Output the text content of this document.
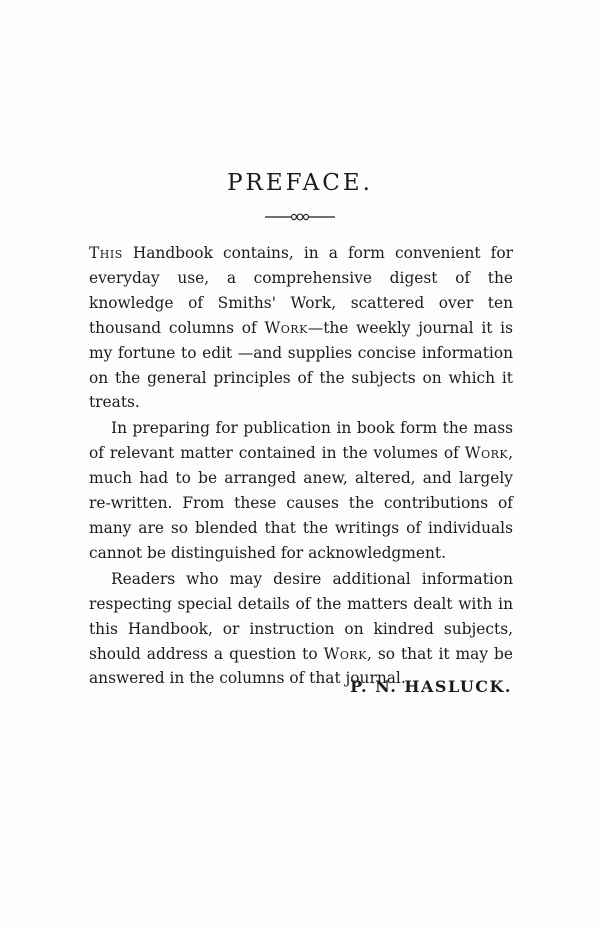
PREFACE.

This Handbook contains, in a form convenient for everyday use, a comprehensive digest of the knowledge of Smiths' Work, scattered over ten thousand columns of Work—the weekly journal it is my fortune to edit —and supplies concise information on the general principles of the subjects on which it treats.

In preparing for publication in book form the mass of relevant matter contained in the volumes of Work, much had to be arranged anew, altered, and largely re-written. From these causes the contributions of many are so blended that the writings of individuals cannot be distinguished for acknowledgment.

Readers who may desire additional information respecting special details of the matters dealt with in this Handbook, or instruction on kindred subjects, should address a question to Work, so that it may be answered in the columns of that journal.

P. N. HASLUCK.
